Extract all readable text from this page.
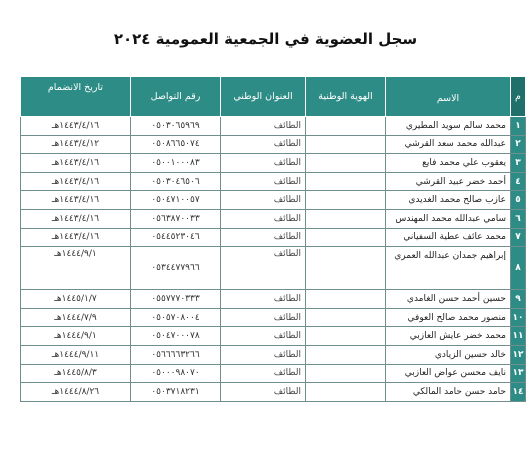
سجل العضوية في الجمعية العمومية ٢٠٢٤
م	الاسم	الهوية الوطنية	العنوان الوطني	رقم التواصل	تاريخ الانضمام
١	محمد سالم سويد المطيري		الطائف	٠٥٠٣٠٦٥٩٦٩	١٤٤٣/٤/١٦هـ
٢	عبدالله محمد سعد القرشي		الطائف	٠٥٠٨٦٦٥٠٧٤	١٤٤٣/٤/١٢هـ
٣	يعقوب علي محمد فايع		الطائف	٠٥٠٠١٠٠٠٨٣	١٤٤٣/٤/١٦هـ
٤	أحمد خضر عبيد القرشي		الطائف	٠٥٠٣٠٤٦٥٠٦	١٤٤٣/٤/١٦هـ
٥	عازب صالح محمد الغديدي		الطائف	٠٥٠٤٧١٠٠٥٧	١٤٤٣/٤/١٦هـ
٦	سامي عبدالله محمد المهندس		الطائف	٠٥٦٣٨٧٠٠٣٣	١٤٤٣/٤/١٦هـ
٧	محمد عائف عطية السفياني		الطائف	٠٥٤٤٥٢٣٠٤٦	١٤٤٣/٤/١٦هـ
٨	إبراهيم جمدان عبدالله العمري		الطائف	٠٥٣٤٤٧٧٩٦٦	١٤٤٤/٩/١هـ
٩	حسين أحمد حسن الغامدي		الطائف	٠٥٥٧٧٧٠٣٣٣	١٤٤٥/١/٧هـ
١٠	منصور محمد صالح العوفي		الطائف	٠٥٠٥٧٠٨٠٠٤	١٤٤٤/٧/٩هـ
١١	محمد خضر عايش العازبي		الطائف	٠٥٠٤٧٠٠٠٧٨	١٤٤٤/٩/١هـ
١٢	خالد حسين الزيادي		الطائف	٠٥٦٦٦٦٣٢٦٦	١٤٤٤/٩/١١هـ
١٣	نايف محسن عواض العازبي		الطائف	٠٥٠٠٠٩٨٠٧٠	١٤٤٥/٨/٣هـ
١٤	حامد حسن حامد المالكي		الطائف	٠٥٠٣٧١٨٢٣١	١٤٤٤/٨/٢٦هـ
